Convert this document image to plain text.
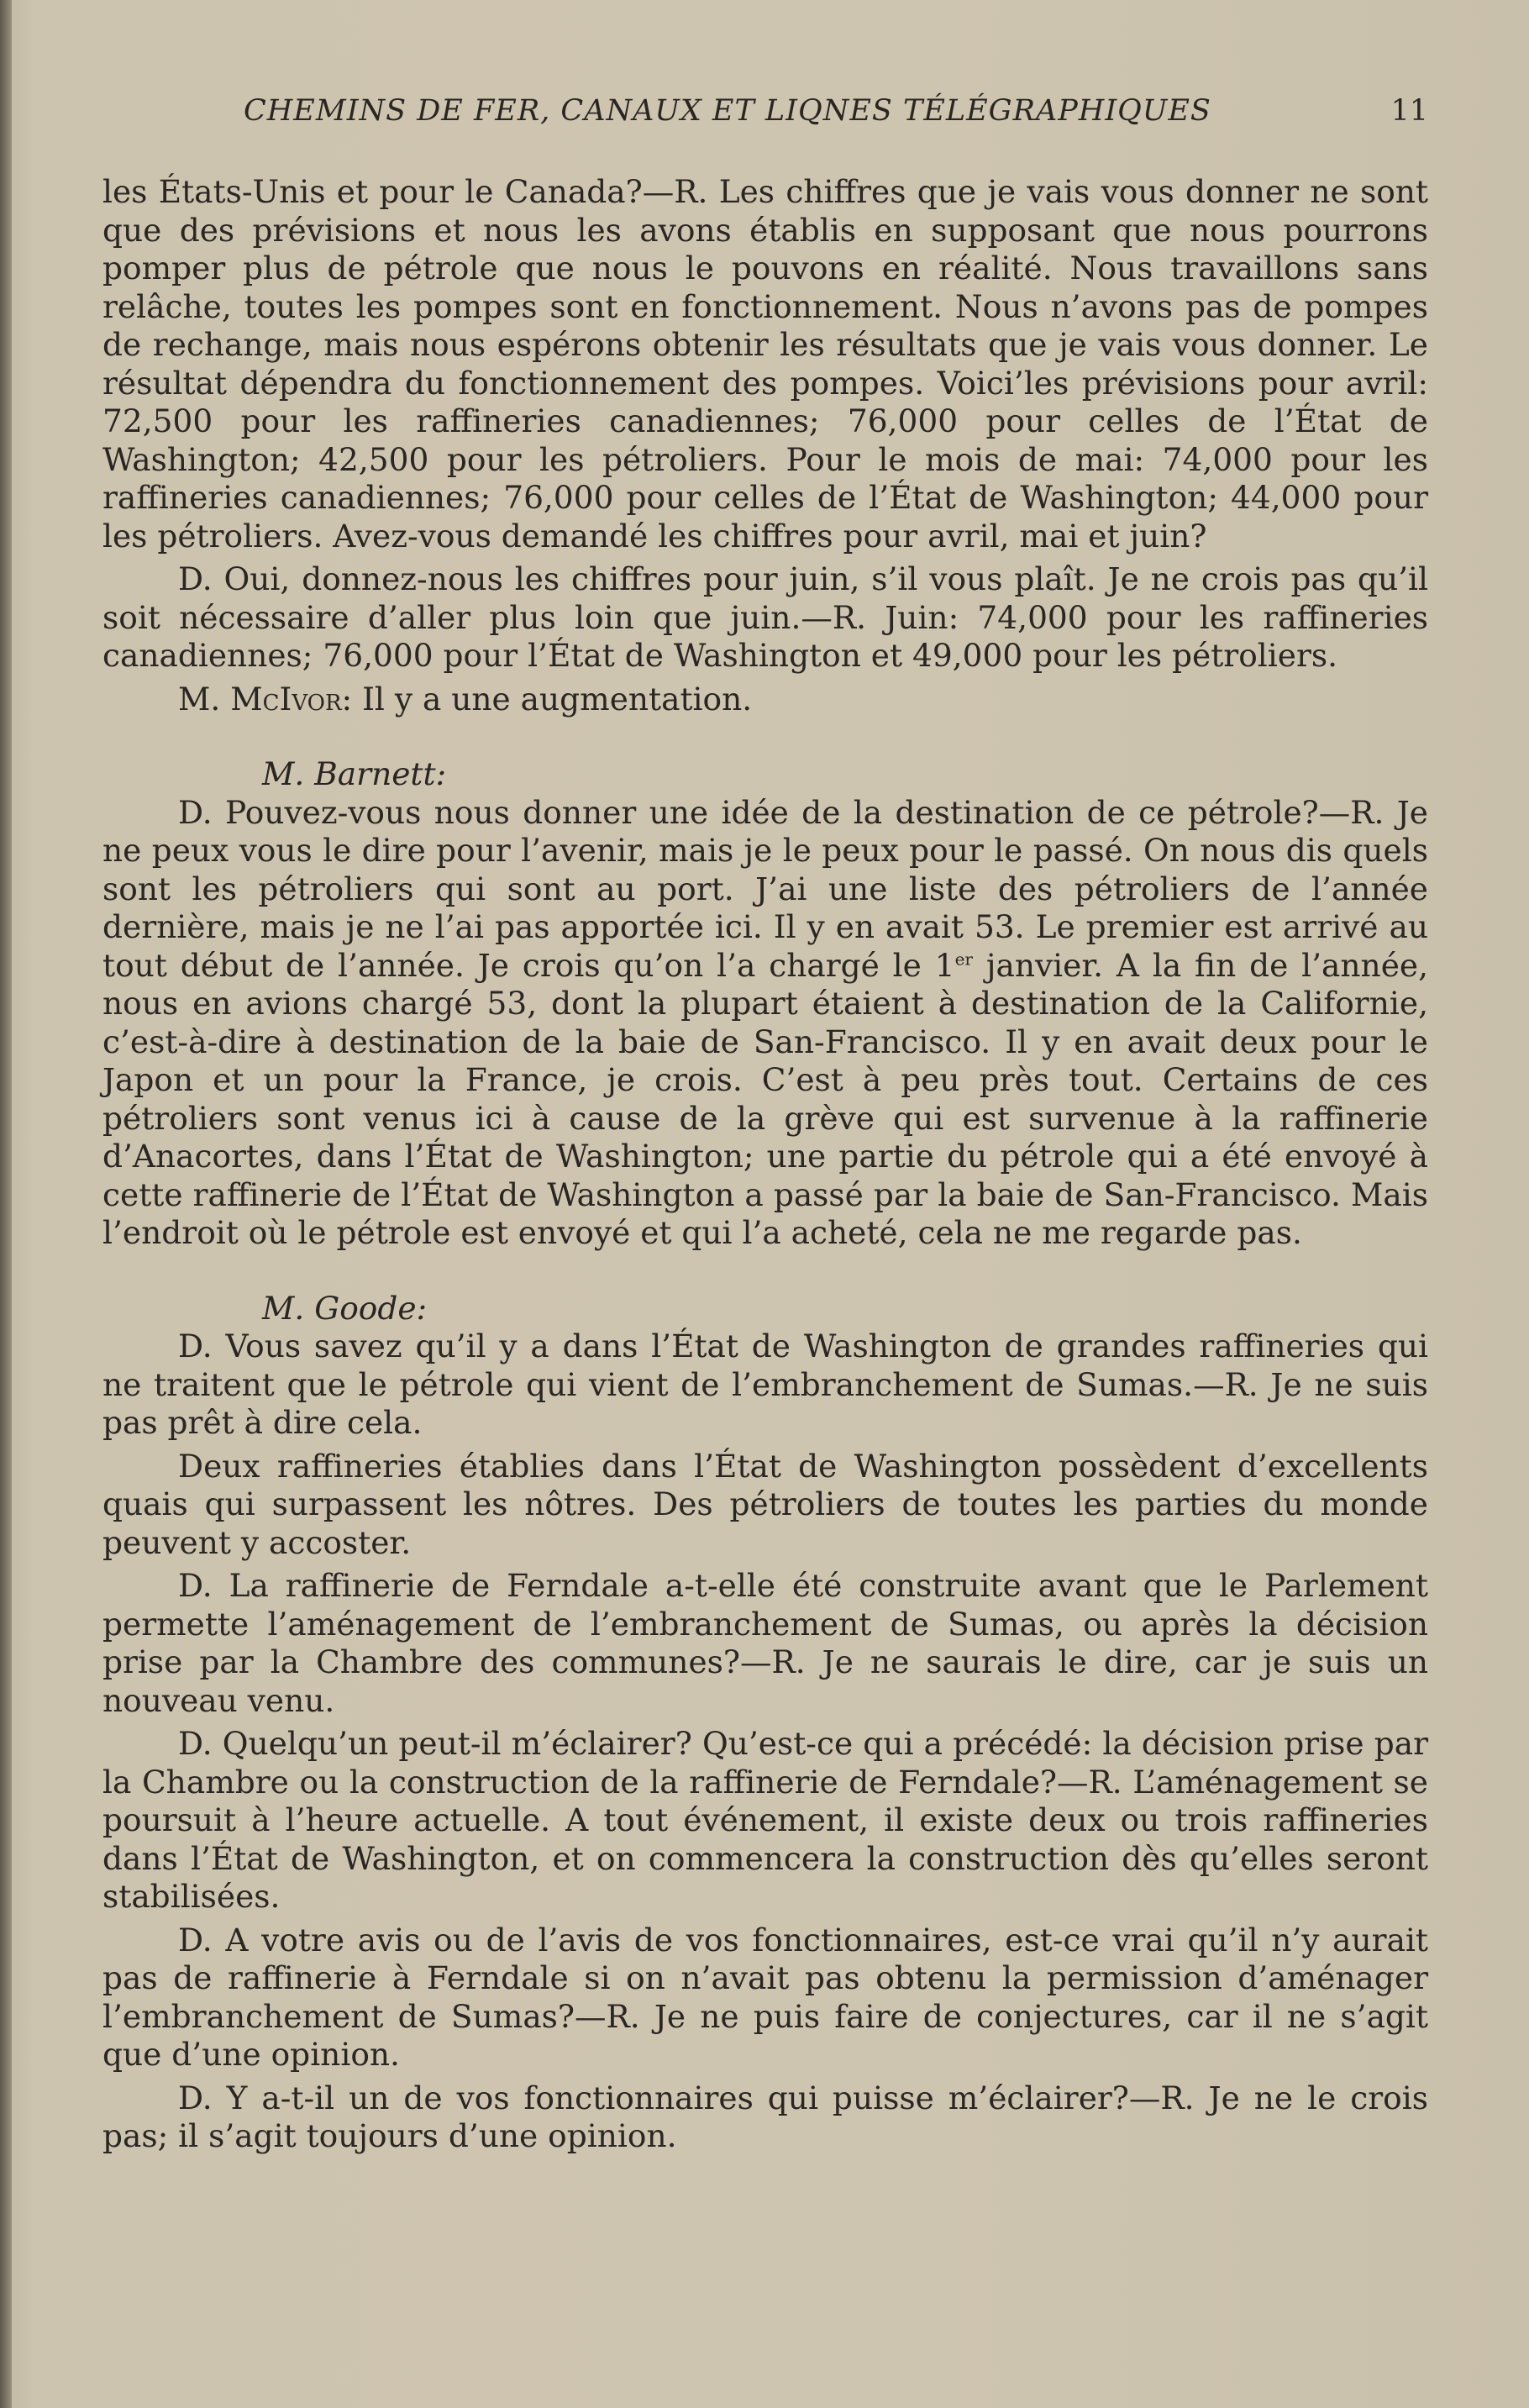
CHEMINS DE FER, CANAUX ET LIQNES TÉLÉGRAPHIQUES	11

les États-Unis et pour le Canada?—R. Les chiffres que je vais vous donner ne sont que des prévisions et nous les avons établis en supposant que nous pourrons pomper plus de pétrole que nous le pouvons en réalité. Nous travaillons sans relâche, toutes les pompes sont en fonctionnement. Nous n’avons pas de pompes de rechange, mais nous espérons obtenir les résultats que je vais vous donner. Le résultat dépendra du fonctionnement des pompes. Voici’les prévisions pour avril: 72,500 pour les raffineries canadiennes; 76,000 pour celles de l’État de Washington; 42,500 pour les pétroliers. Pour le mois de mai: 74,000 pour les raffineries canadiennes; 76,000 pour celles de l’État de Washington; 44,000 pour les pétroliers. Avez-vous demandé les chiffres pour avril, mai et juin?

D. Oui, donnez-nous les chiffres pour juin, s’il vous plaît. Je ne crois pas qu’il soit nécessaire d’aller plus loin que juin.—R. Juin: 74,000 pour les raffineries canadiennes; 76,000 pour l’État de Washington et 49,000 pour les pétroliers.

M. McIvor: Il y a une augmentation.

M. Barnett:

D. Pouvez-vous nous donner une idée de la destination de ce pétrole?—R. Je ne peux vous le dire pour l’avenir, mais je le peux pour le passé. On nous dis quels sont les pétroliers qui sont au port. J’ai une liste des pétroliers de l’année dernière, mais je ne l’ai pas apportée ici. Il y en avait 53. Le premier est arrivé au tout début de l’année. Je crois qu’on l’a chargé le 1er janvier. A la fin de l’année, nous en avions chargé 53, dont la plupart étaient à destination de la Californie, c’est-à-dire à destination de la baie de San-Francisco. Il y en avait deux pour le Japon et un pour la France, je crois. C’est à peu près tout. Certains de ces pétroliers sont venus ici à cause de la grève qui est survenue à la raffinerie d’Anacortes, dans l’État de Washington; une partie du pétrole qui a été envoyé à cette raffinerie de l’État de Washington a passé par la baie de San-Francisco. Mais l’endroit où le pétrole est envoyé et qui l’a acheté, cela ne me regarde pas.

M. Goode:

D. Vous savez qu’il y a dans l’État de Washington de grandes raffineries qui ne traitent que le pétrole qui vient de l’embranchement de Sumas.—R. Je ne suis pas prêt à dire cela.

Deux raffineries établies dans l’État de Washington possèdent d’excellents quais qui surpassent les nôtres. Des pétroliers de toutes les parties du monde peuvent y accoster.

D. La raffinerie de Ferndale a-t-elle été construite avant que le Parlement permette l’aménagement de l’embranchement de Sumas, ou après la décision prise par la Chambre des communes?—R. Je ne saurais le dire, car je suis un nouveau venu.

D. Quelqu’un peut-il m’éclairer? Qu’est-ce qui a précédé: la décision prise par la Chambre ou la construction de la raffinerie de Ferndale?—R. L’aménagement se poursuit à l’heure actuelle. A tout événement, il existe deux ou trois raffineries dans l’État de Washington, et on commencera la construction dès qu’elles seront stabilisées.

D. A votre avis ou de l’avis de vos fonctionnaires, est-ce vrai qu’il n’y aurait pas de raffinerie à Ferndale si on n’avait pas obtenu la permission d’aménager l’embranchement de Sumas?—R. Je ne puis faire de conjectures, car il ne s’agit que d’une opinion.

D. Y a-t-il un de vos fonctionnaires qui puisse m’éclairer?—R. Je ne le crois pas; il s’agit toujours d’une opinion.
